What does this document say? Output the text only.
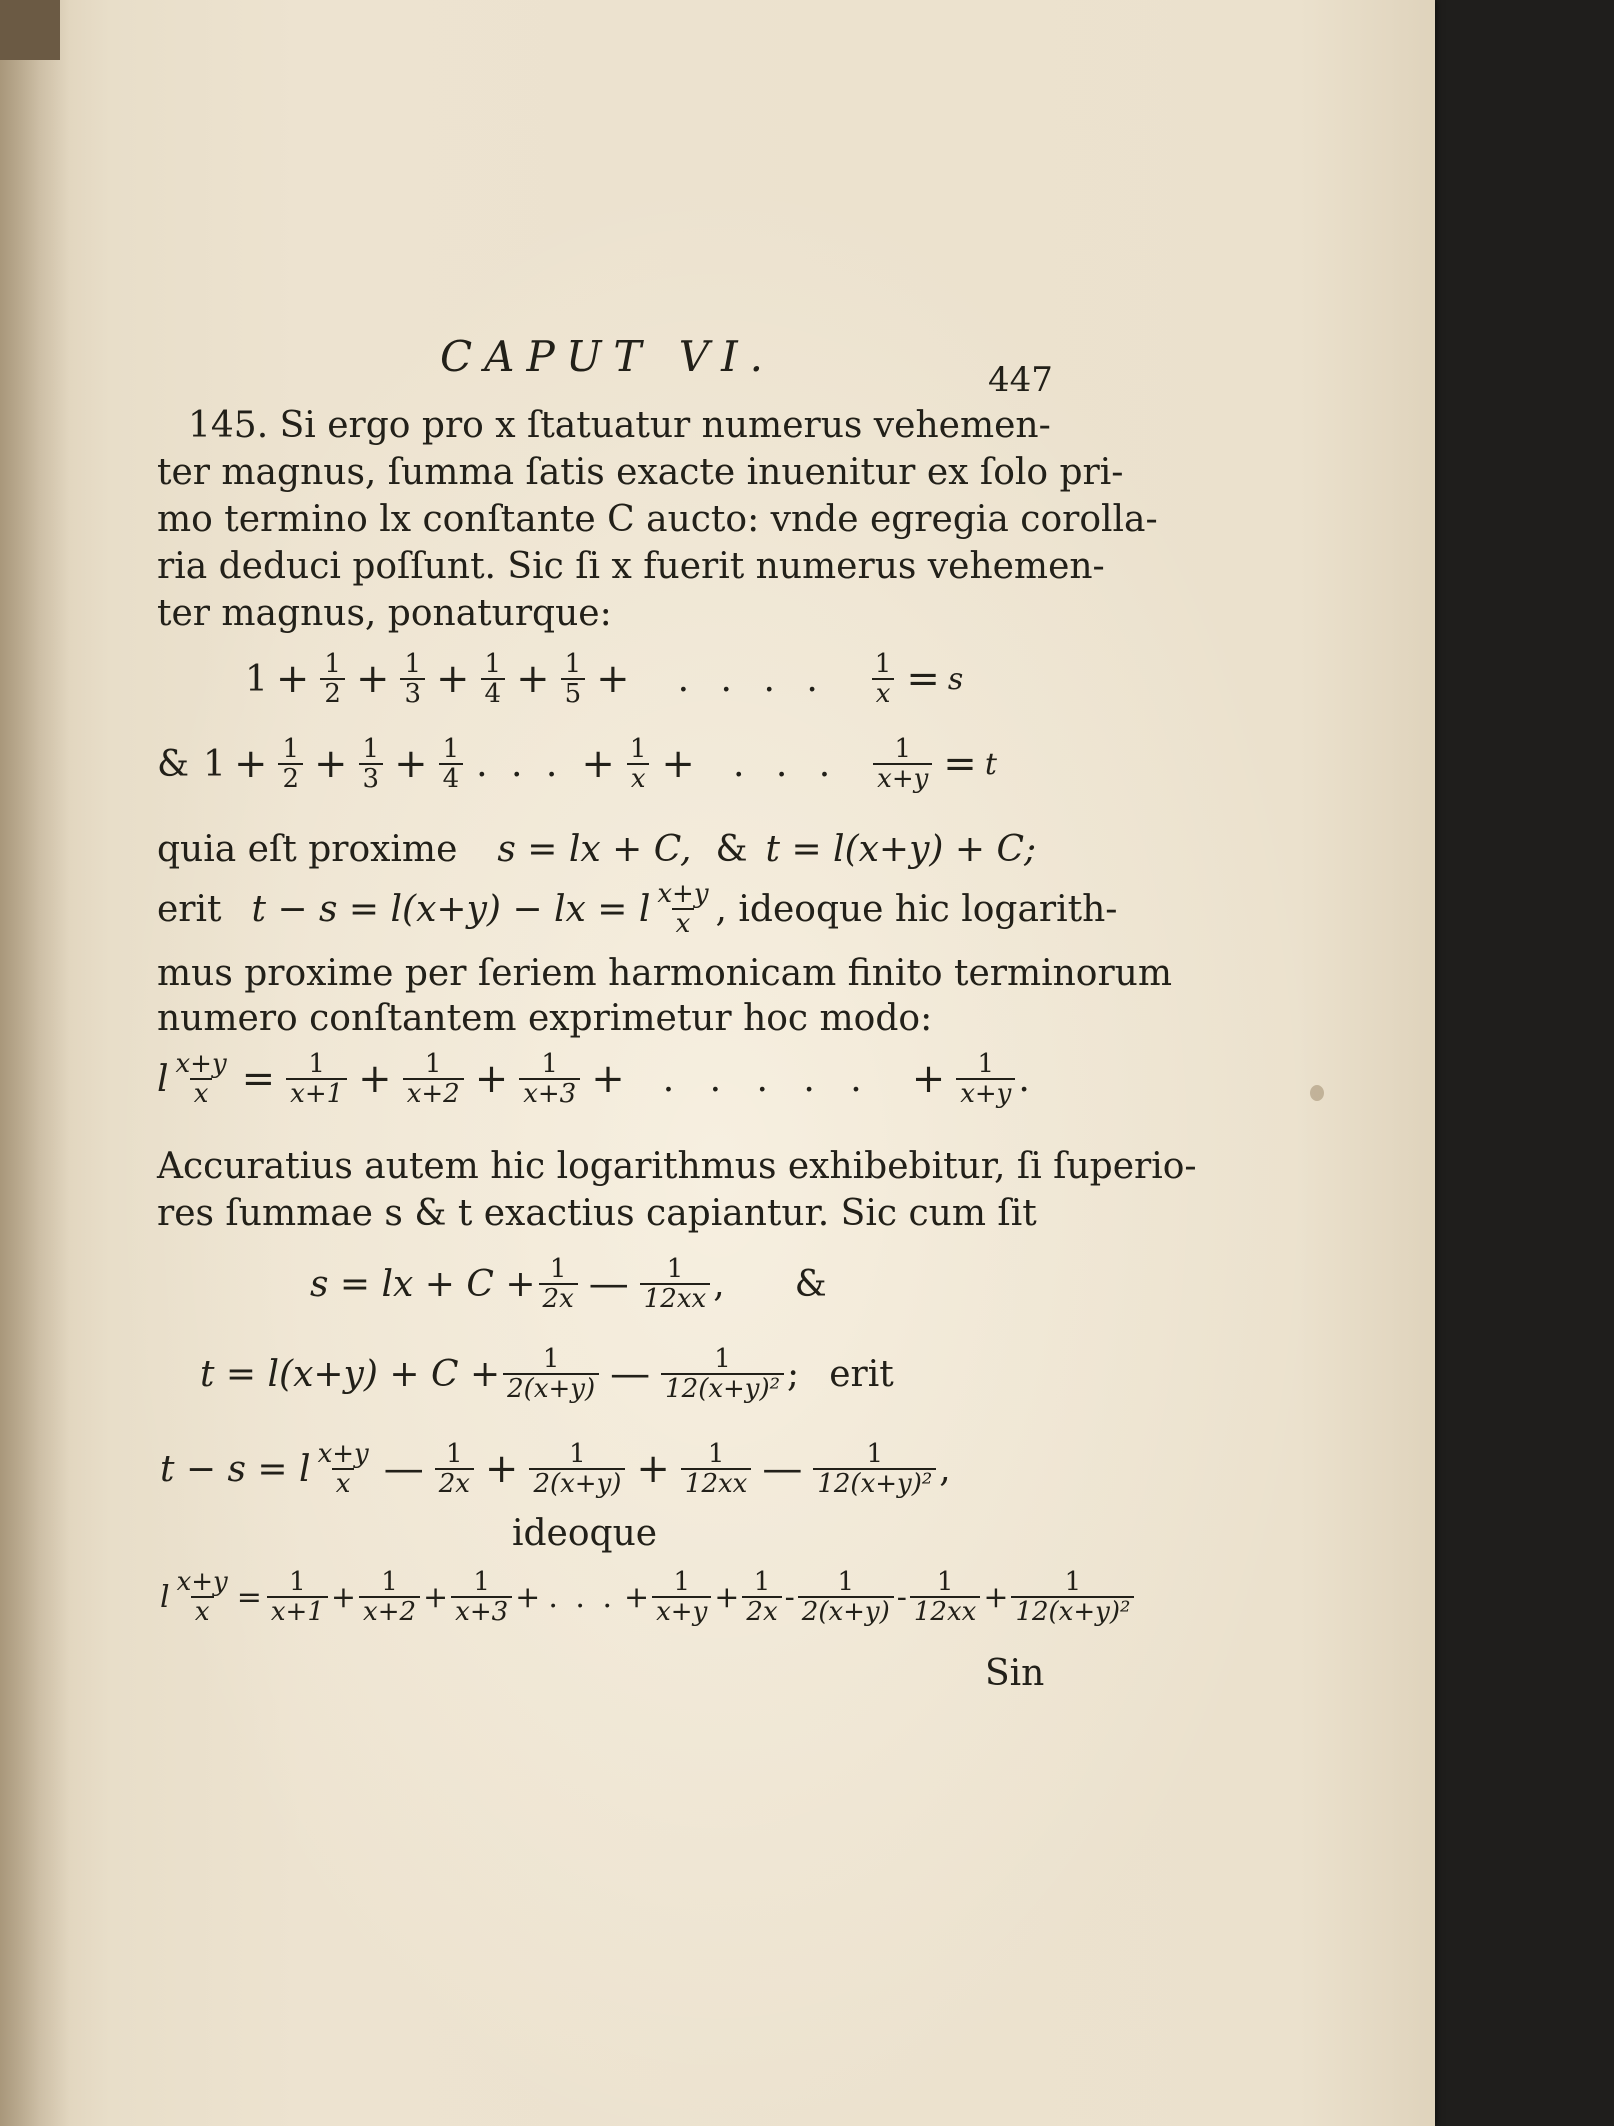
CAPUT VI.	447
145. Si ergo pro x ſtatuatur numerus vehemen-
ter magnus, ſumma ſatis exacte inuenitur ex ſolo pri-
mo termino lx conſtante C aucto: vnde egregia corolla-
ria deduci poſſunt. Sic ſi x fuerit numerus vehemen-
ter magnus, ponaturque:
$1 + \frac{1}{2} + \frac{1}{3} + \frac{1}{4} + \frac{1}{5}$ + . . . . $\frac{1}{x} = s$
& $1 + \frac{1}{2} + \frac{1}{3} + \frac{1}{4}$ . . . + $\frac{1}{x}$ + . . . $\frac{1}{x+y} = t$
quia eſt proxime s = lx + C, & t = l(x+y) + C;
erit t − s = l(x+y) − lx = l $\frac{x+y}{x}$ , ideoque hic logarith-
mus proxime per ſeriem harmonicam finito terminorum
numero conſtantem exprimetur hoc modo:
l $\frac{x+y}{x} = \frac{1}{x+1} + \frac{1}{x+2} + \frac{1}{x+3}$ + . . . . . + $\frac{1}{x+y}$ .
Accuratius autem hic logarithmus exhibebitur, ſi ſuperio-
res ſummae s & t exactius capiantur. Sic cum ſit
s = lx + $C + \frac{1}{2x}$ — $\frac{1}{12xx}$ , &
$t = l(x+y) + C + \frac{1}{2(x+y)}$ — $\frac{1}{\text{12(x+y)²}}$ ; erit
t − s = l $\frac{x+y}{x}$ — $\frac{1}{2x} + \frac{1}{2(x+y)} + \frac{1}{12xx}$ — $\frac{1}{\text{12(x+y)²}}$ ,
ideoque
l $\frac{x+y}{x} = \frac{1}{x+1} + \frac{1}{x+2} + \frac{1}{x+3}$ + . . . + $\frac{1}{x+y} + \frac{1}{2x} - \frac{1}{2(x+y)} - \frac{1}{12xx} + \frac{1}{\text{12(x+y)²}}$
Sin
